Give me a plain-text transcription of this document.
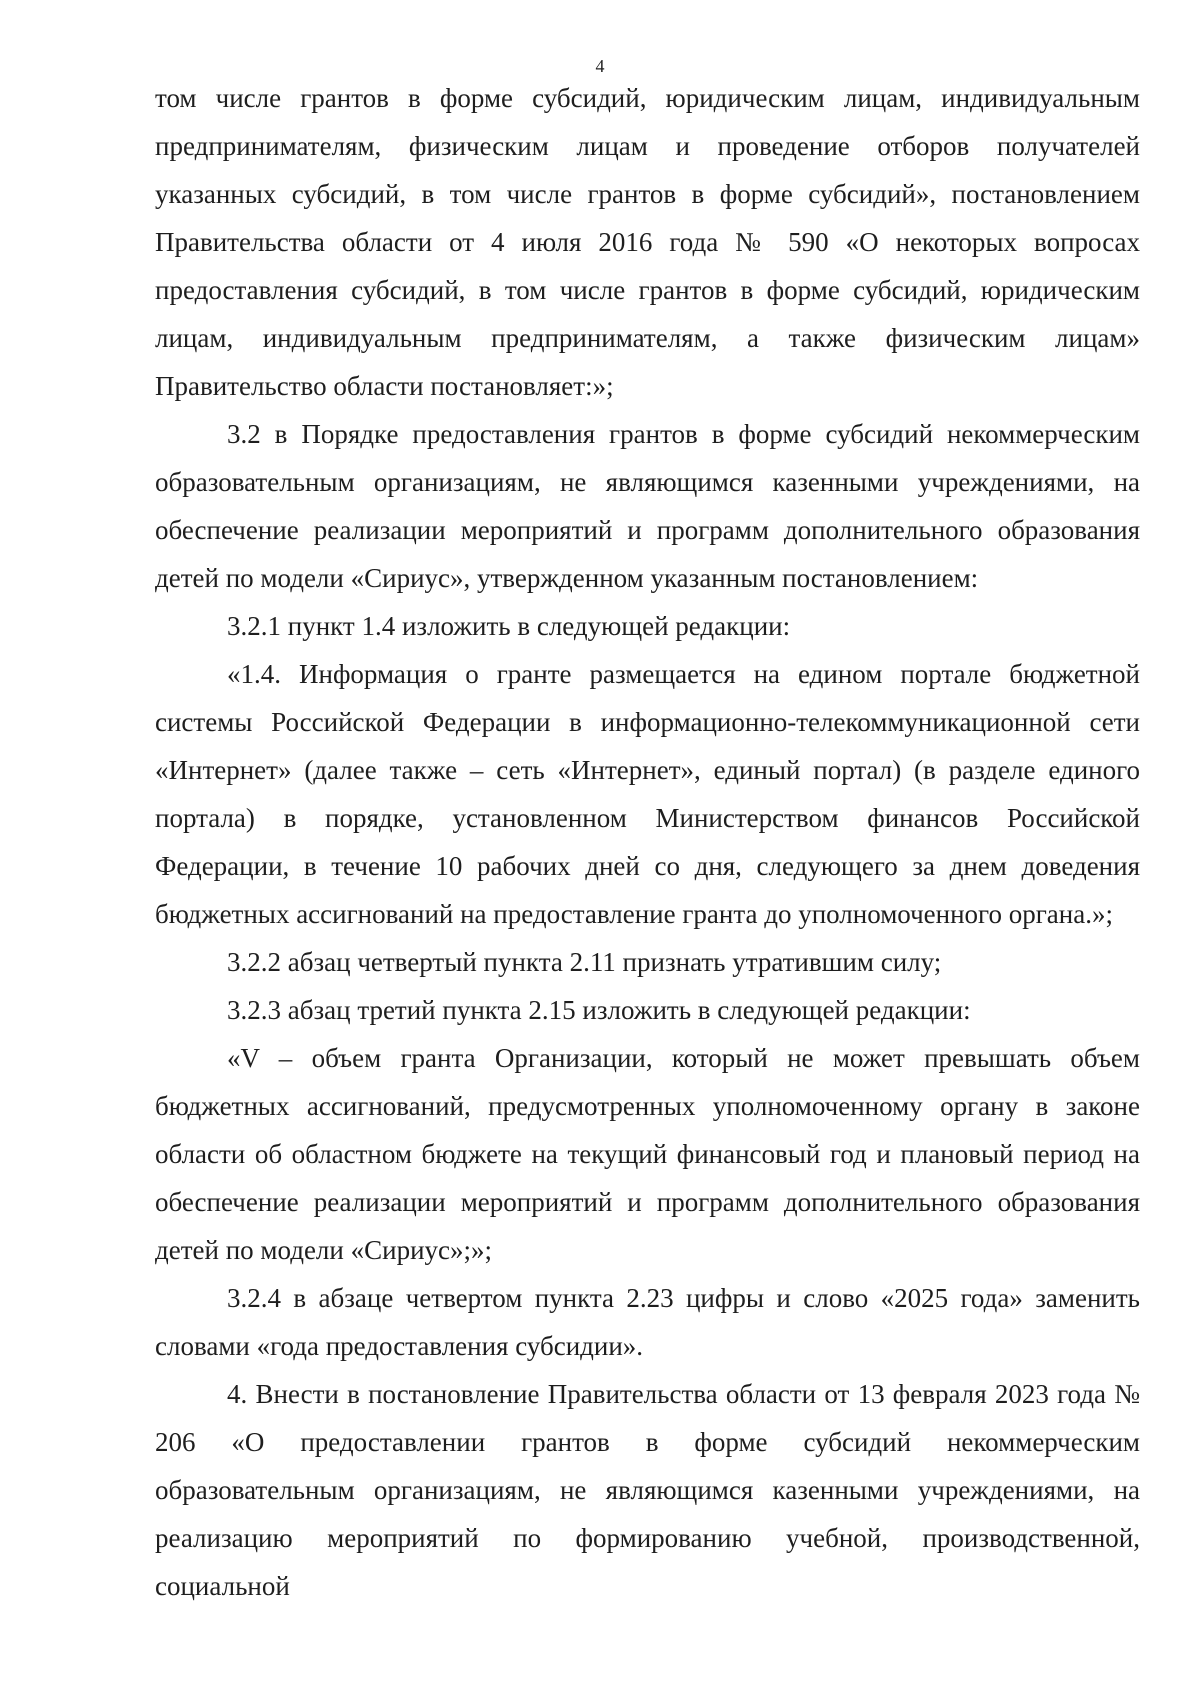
4

том числе грантов в форме субсидий, юридическим лицам, индивидуальным предпринимателям, физическим лицам и проведение отборов получателей указанных субсидий, в том числе грантов в форме субсидий», постановлением Правительства области от 4 июля 2016 года № 590 «О некоторых вопросах предоставления субсидий, в том числе грантов в форме субсидий, юридическим лицам, индивидуальным предпринимателям, а также физическим лицам» Правительство области постановляет:»;

3.2 в Порядке предоставления грантов в форме субсидий некоммерческим образовательным организациям, не являющимся казенными учреждениями, на обеспечение реализации мероприятий и программ дополнительного образования детей по модели «Сириус», утвержденном указанным постановлением:

3.2.1 пункт 1.4 изложить в следующей редакции:

«1.4. Информация о гранте размещается на едином портале бюджетной системы Российской Федерации в информационно-телекоммуникационной сети «Интернет» (далее также – сеть «Интернет», единый портал) (в разделе единого портала) в порядке, установленном Министерством финансов Российской Федерации, в течение 10 рабочих дней со дня, следующего за днем доведения бюджетных ассигнований на предоставление гранта до уполномоченного органа.»;

3.2.2 абзац четвертый пункта 2.11 признать утратившим силу;

3.2.3 абзац третий пункта 2.15 изложить в следующей редакции:

«V – объем гранта Организации, который не может превышать объем бюджетных ассигнований, предусмотренных уполномоченному органу в законе области об областном бюджете на текущий финансовый год и плановый период на обеспечение реализации мероприятий и программ дополнительного образования детей по модели «Сириус»;»;

3.2.4 в абзаце четвертом пункта 2.23 цифры и слово «2025 года» заменить словами «года предоставления субсидии».

4. Внести в постановление Правительства области от 13 февраля 2023 года № 206 «О предоставлении грантов в форме субсидий некоммерческим образовательным организациям, не являющимся казенными учреждениями, на реализацию мероприятий по формированию учебной, производственной, социальной
